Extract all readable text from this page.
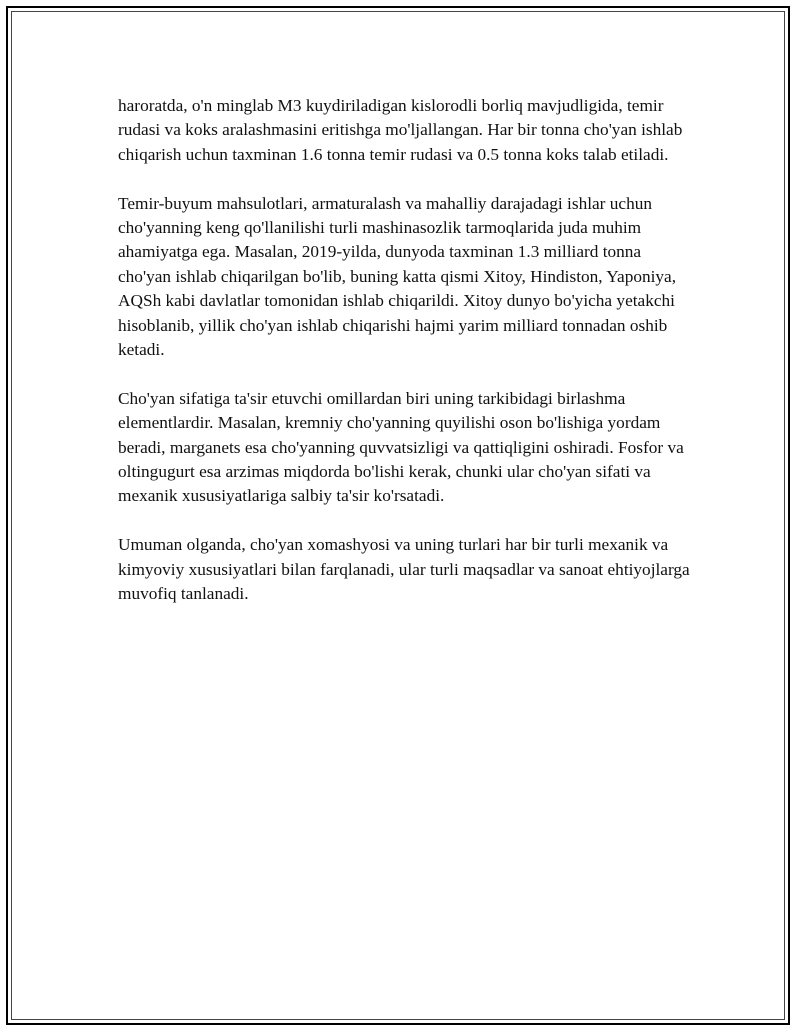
haroratda, o'n minglab M3 kuydiriladigan kislorodli borliq mavjudligida, temir rudasi va koks aralashmasini eritishga mo'ljallangan. Har bir tonna cho'yan ishlab chiqarish uchun taxminan 1.6 tonna temir rudasi va 0.5 tonna koks talab etiladi.

Temir-buyum mahsulotlari, armaturalash va mahalliy darajadagi ishlar uchun cho'yanning keng qo'llanilishi turli mashinasozlik tarmoqlarida juda muhim ahamiyatga ega. Masalan, 2019-yilda, dunyoda taxminan 1.3 milliard tonna cho'yan ishlab chiqarilgan bo'lib, buning katta qismi Xitoy, Hindiston, Yaponiya, AQSh kabi davlatlar tomonidan ishlab chiqarildi. Xitoy dunyo bo'yicha yetakchi hisoblanib, yillik cho'yan ishlab chiqarishi hajmi yarim milliard tonnadan oshib ketadi.

Cho'yan sifatiga ta'sir etuvchi omillardan biri uning tarkibidagi birlashma elementlardir. Masalan, kremniy cho'yanning quyilishi oson bo'lishiga yordam beradi, marganets esa cho'yanning quvvatsizligi va qattiqligini oshiradi. Fosfor va oltingugurt esa arzimas miqdorda bo'lishi kerak, chunki ular cho'yan sifati va mexanik xususiyatlariga salbiy ta'sir ko'rsatadi.

Umuman olganda, cho'yan xomashyosi va uning turlari har bir turli mexanik va kimyoviy xususiyatlari bilan farqlanadi, ular turli maqsadlar va sanoat ehtiyojlarga muvofiq tanlanadi.
